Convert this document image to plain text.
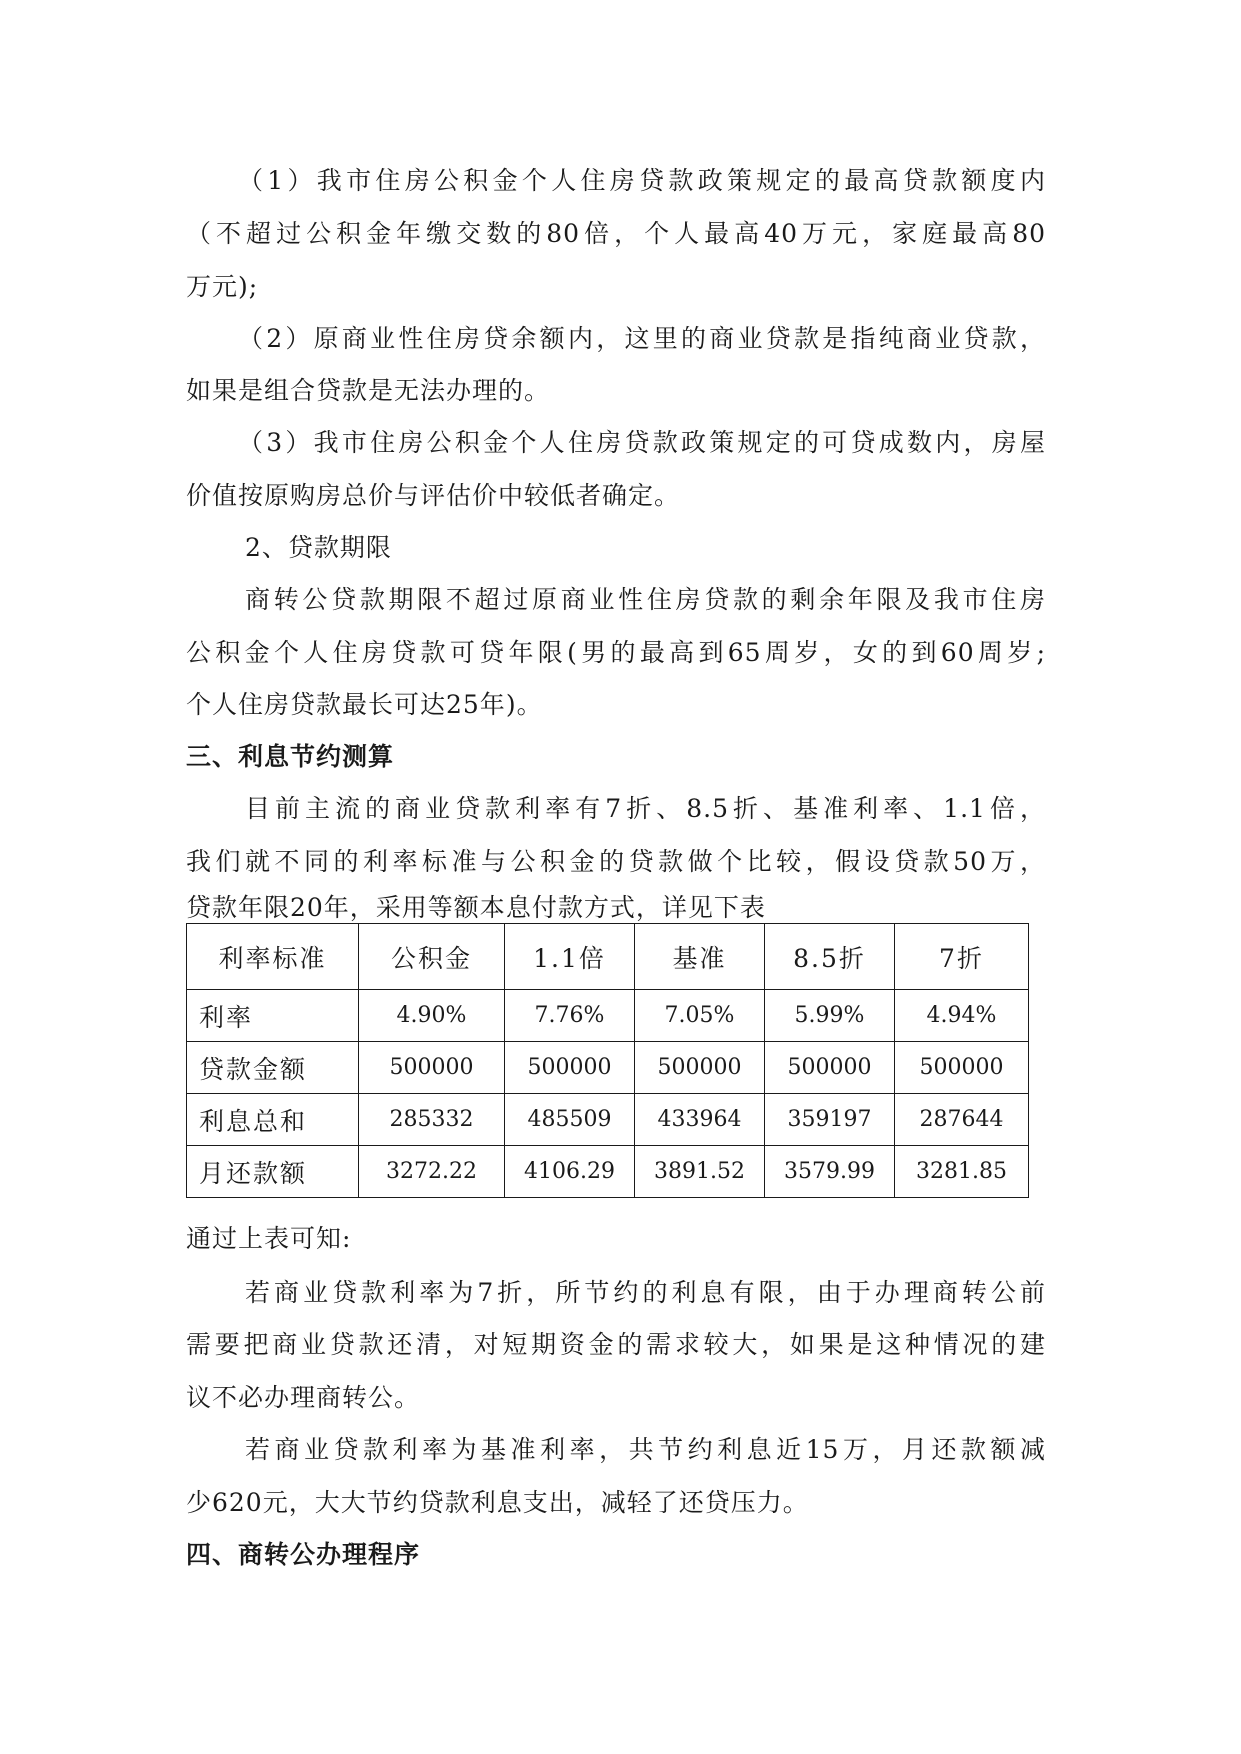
（1）我市住房公积金个人住房贷款政策规定的最高贷款额度内
（不超过公积金年缴交数的80倍，个人最高40万元，家庭最高80
万元);
（2）原商业性住房贷余额内，这里的商业贷款是指纯商业贷款，
如果是组合贷款是无法办理的。
（3）我市住房公积金个人住房贷款政策规定的可贷成数内，房屋
价值按原购房总价与评估价中较低者确定。
2、贷款期限
商转公贷款期限不超过原商业性住房贷款的剩余年限及我市住房
公积金个人住房贷款可贷年限(男的最高到65周岁，女的到60周岁;
个人住房贷款最长可达25年)。
三、利息节约测算
目前主流的商业贷款利率有7折、8.5折、基准利率、1.1倍，
我们就不同的利率标准与公积金的贷款做个比较，假设贷款50万，
贷款年限20年，采用等额本息付款方式，详见下表
利率标准	公积金	1.1倍	基准	8.5折	7折
利率	4.90%	7.76%	7.05%	5.99%	4.94%
贷款金额	500000	500000	500000	500000	500000
利息总和	285332	485509	433964	359197	287644
月还款额	3272.22	4106.29	3891.52	3579.99	3281.85
通过上表可知:
若商业贷款利率为7折，所节约的利息有限，由于办理商转公前
需要把商业贷款还清，对短期资金的需求较大，如果是这种情况的建
议不必办理商转公。
若商业贷款利率为基准利率，共节约利息近15万，月还款额减
少620元，大大节约贷款利息支出，减轻了还贷压力。
四、商转公办理程序
